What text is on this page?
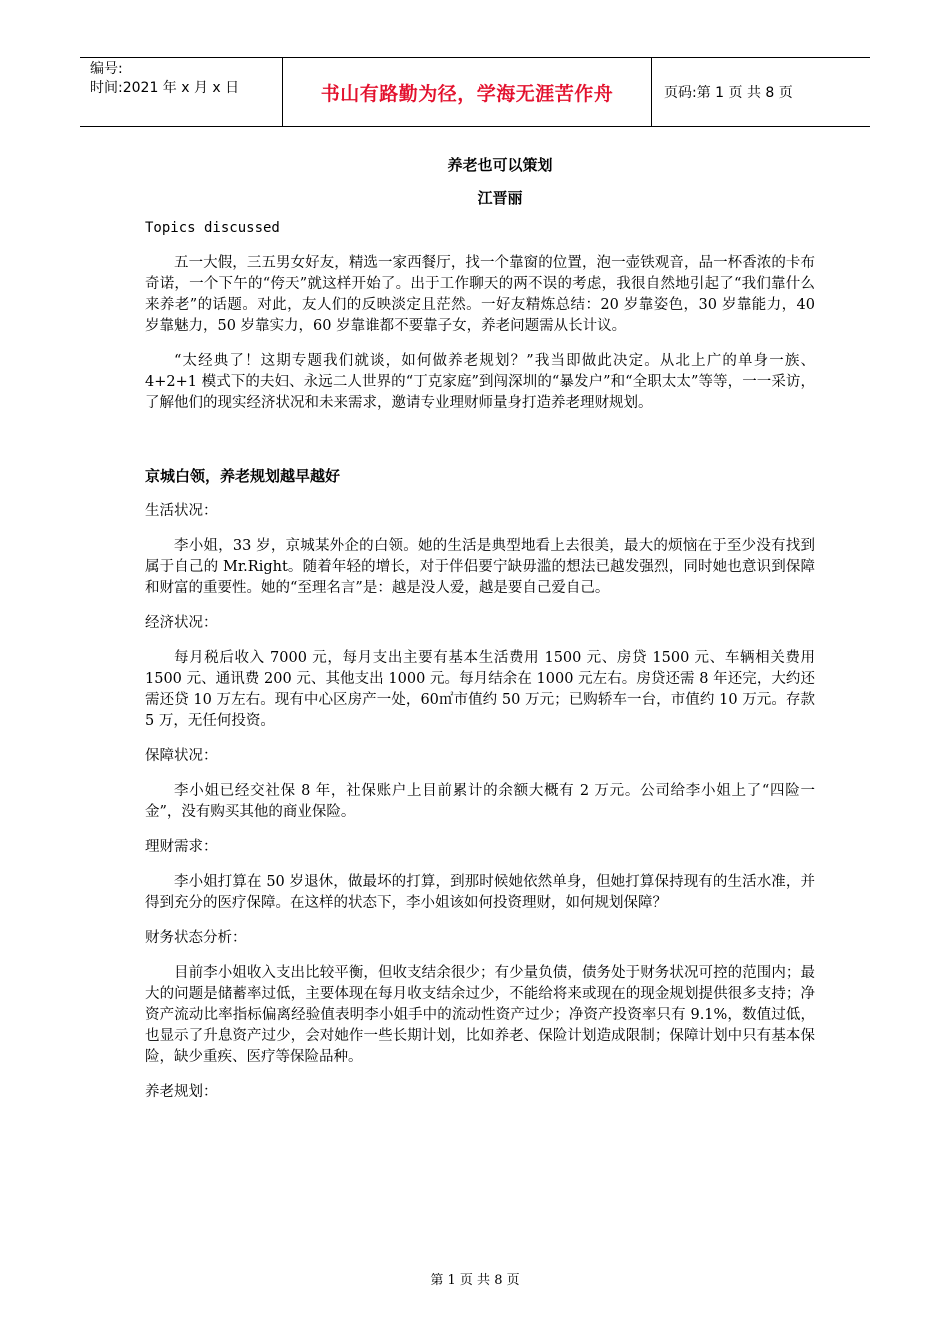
编号:
时间:2021 年 x 月 x 日	书山有路勤为径，学海无涯苦作舟	页码:第 1 页 共 8 页
养老也可以策划
江晋丽
Topics discussed

五一大假，三五男女好友，精选一家西餐厅，找一个靠窗的位置，泡一壶铁观音，品一杯香浓的卡布奇诺，一个下午的“侉天”就这样开始了。出于工作聊天的两不误的考虑，我很自然地引起了“我们靠什么来养老”的话题。对此，友人们的反映淡定且茫然。一好友精炼总结：20 岁靠姿色，30 岁靠能力，40 岁靠魅力，50 岁靠实力，60 岁靠谁都不要靠子女，养老问题需从长计议。

“太经典了！这期专题我们就谈，如何做养老规划？”我当即做此决定。从北上广的单身一族、4+2+1 模式下的夫妇、永远二人世界的“丁克家庭”到闯深圳的“暴发户”和“全职太太”等等，一一采访，了解他们的现实经济状况和未来需求，邀请专业理财师量身打造养老理财规划。

京城白领，养老规划越早越好

生活状况：

李小姐，33 岁，京城某外企的白领。她的生活是典型地看上去很美，最大的烦恼在于至少没有找到属于自己的 Mr.Right。随着年轻的增长，对于伴侣要宁缺毋滥的想法已越发强烈，同时她也意识到保障和财富的重要性。她的“至理名言”是：越是没人爱，越是要自己爱自己。

经济状况：

每月税后收入 7000 元，每月支出主要有基本生活费用 1500 元、房贷 1500 元、车辆相关费用 1500 元、通讯费 200 元、其他支出 1000 元。每月结余在 1000 元左右。房贷还需 8 年还完，大约还需还贷 10 万左右。现有中心区房产一处，60㎡市值约 50 万元；已购轿车一台，市值约 10 万元。存款 5 万，无任何投资。

保障状况：

李小姐已经交社保 8 年，社保账户上目前累计的余额大概有 2 万元。公司给李小姐上了“四险一金”，没有购买其他的商业保险。

理财需求：

李小姐打算在 50 岁退休，做最坏的打算，到那时候她依然单身，但她打算保持现有的生活水准，并得到充分的医疗保障。在这样的状态下，李小姐该如何投资理财，如何规划保障？

财务状态分析：

目前李小姐收入支出比较平衡，但收支结余很少；有少量负债，债务处于财务状况可控的范围内；最大的问题是储蓄率过低，主要体现在每月收支结余过少，不能给将来或现在的现金规划提供很多支持；净资产流动比率指标偏离经验值表明李小姐手中的流动性资产过少；净资产投资率只有 9.1%，数值过低，也显示了升息资产过少，会对她作一些长期计划，比如养老、保险计划造成限制；保障计划中只有基本保险，缺少重疾、医疗等保险品种。

养老规划：

第 1 页 共 8 页
